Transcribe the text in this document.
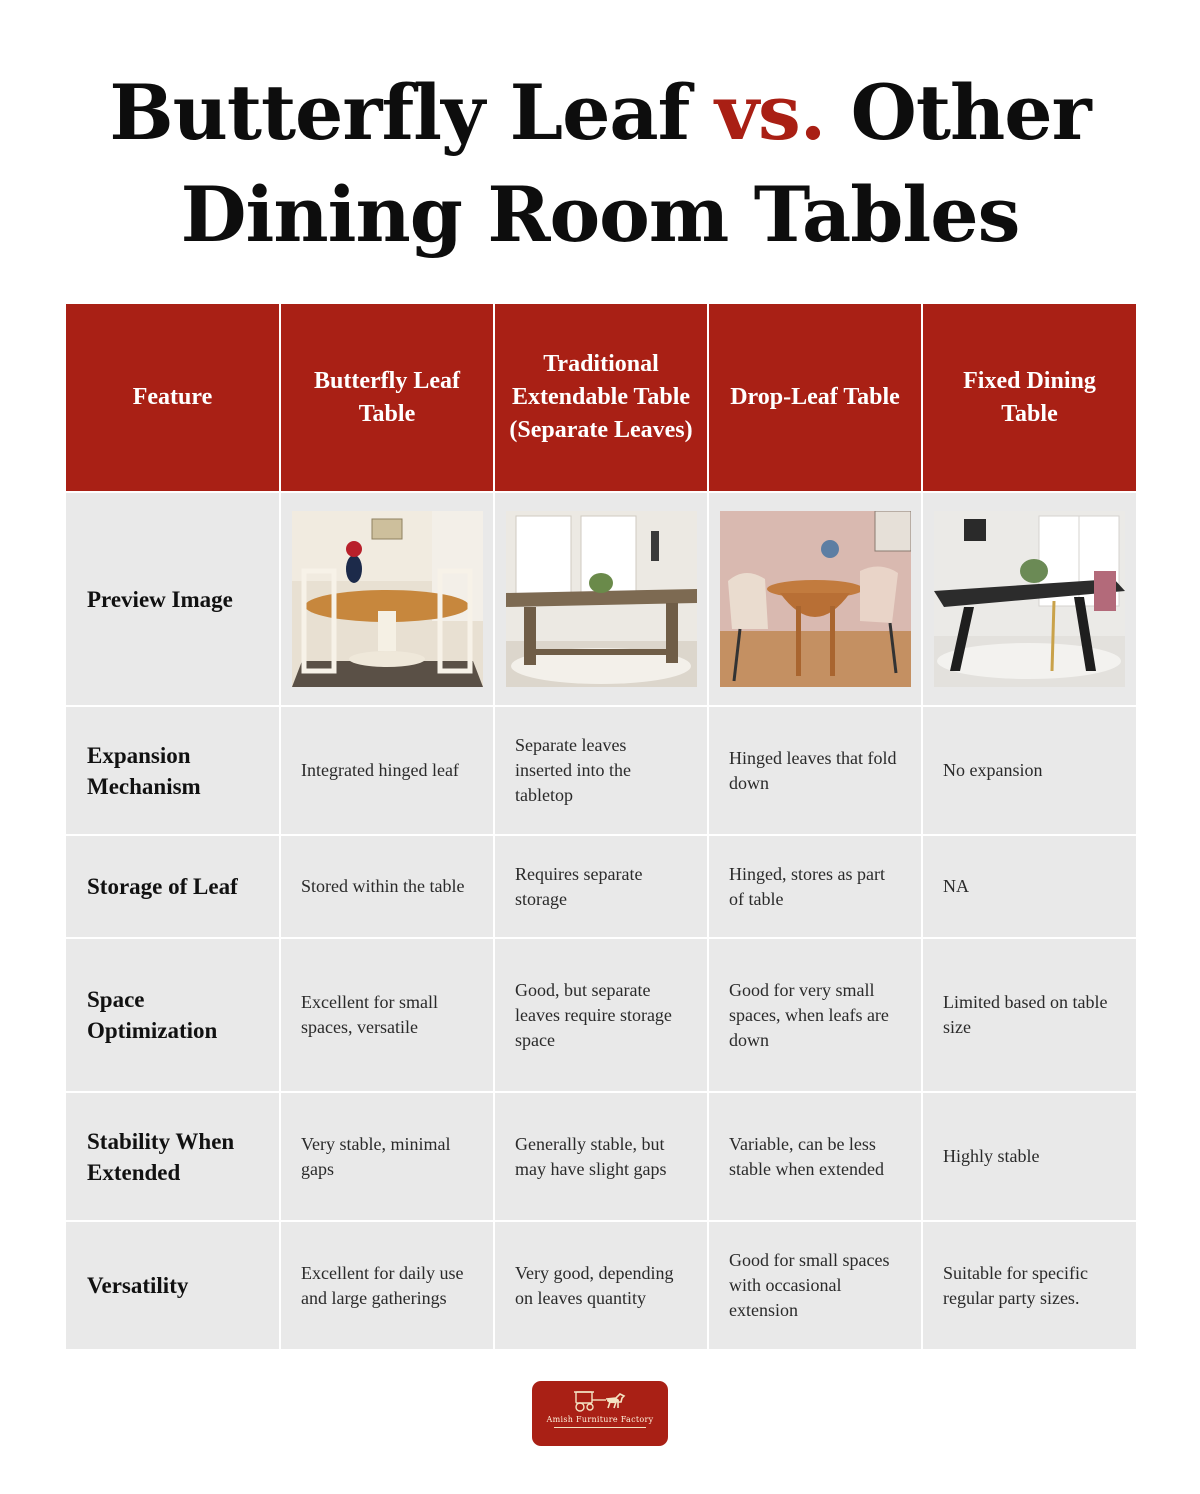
Butterfly Leaf vs. Other
Dining Room Tables
Feature	Butterfly Leaf Table	Traditional Extendable Table (Separate Leaves)	Drop-Leaf Table	Fixed Dining Table
Preview Image	

Expansion Mechanism	Integrated hinged leaf	Separate leaves inserted into the tabletop	Hinged leaves that fold down	No expansion
Storage of Leaf	Stored within the table	Requires separate storage	Hinged, stores as part of table	NA
Space Optimization	Excellent for small spaces, versatile	Good, but separate leaves require storage space	Good for very small spaces, when leafs are down	Limited based on table size
Stability When Extended	Very stable, minimal gaps	Generally stable, but may have slight gaps	Variable, can be less stable when extended	Highly stable
Versatility	Excellent for daily use and large gatherings	Very good, depending on leaves quantity	Good for small spaces with occasional extension	Suitable for specific regular party sizes.
Amish Furniture Factory
